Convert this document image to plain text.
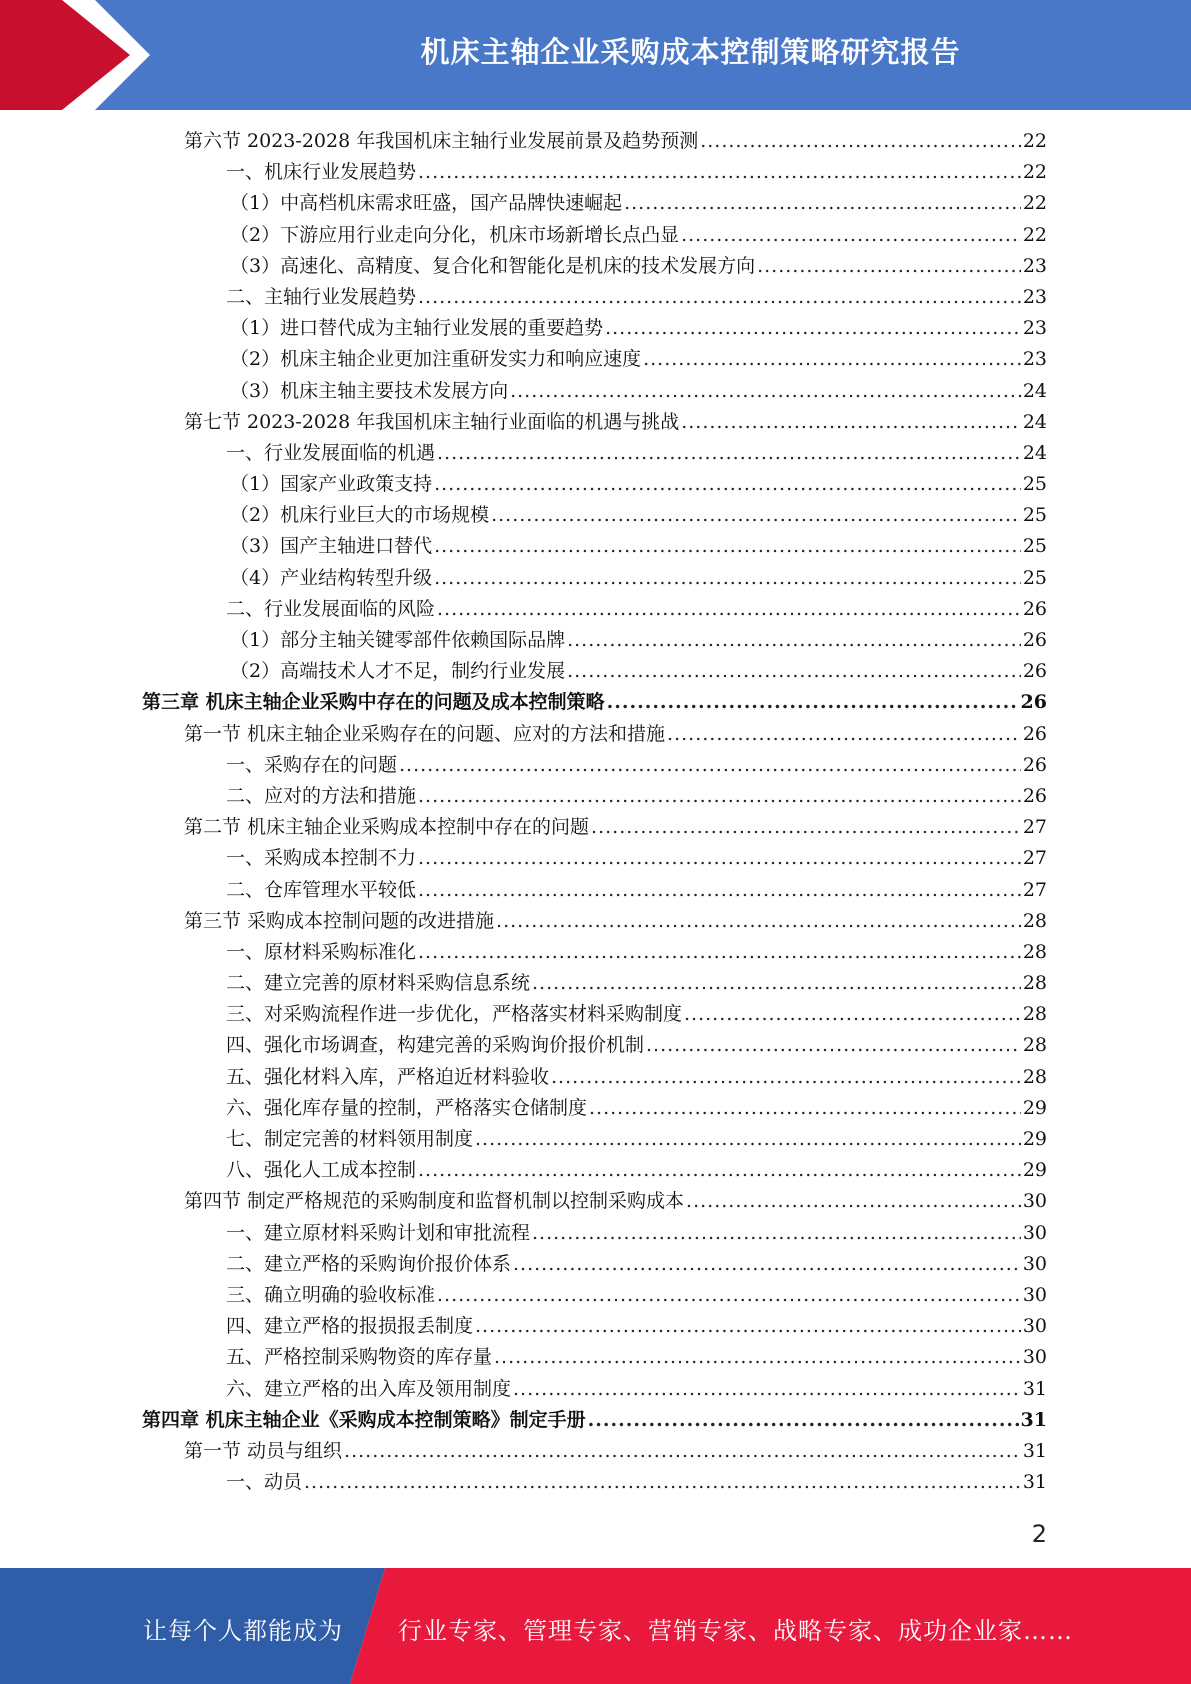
机床主轴企业采购成本控制策略研究报告
第六节 2023-2028 年我国机床主轴行业发展前景及趋势预测 .....	22
一、机床行业发展趋势 .....	22
（1）中高档机床需求旺盛，国产品牌快速崛起 .....	22
（2）下游应用行业走向分化，机床市场新增长点凸显 .....	22
（3）高速化、高精度、复合化和智能化是机床的技术发展方向 .....	23
二、主轴行业发展趋势 .....	23
（1）进口替代成为主轴行业发展的重要趋势 .....	23
（2）机床主轴企业更加注重研发实力和响应速度 .....	23
（3）机床主轴主要技术发展方向 .....	24
第七节 2023-2028 年我国机床主轴行业面临的机遇与挑战 .....	24
一、行业发展面临的机遇 .....	24
（1）国家产业政策支持 .....	25
（2）机床行业巨大的市场规模 .....	25
（3）国产主轴进口替代 .....	25
（4）产业结构转型升级 .....	25
二、行业发展面临的风险 .....	26
（1）部分主轴关键零部件依赖国际品牌 .....	26
（2）高端技术人才不足，制约行业发展 .....	26
第三章 机床主轴企业采购中存在的问题及成本控制策略 .....	26
第一节 机床主轴企业采购存在的问题、应对的方法和措施 .....	26
一、采购存在的问题 .....	26
二、应对的方法和措施 .....	26
第二节 机床主轴企业采购成本控制中存在的问题 .....	27
一、采购成本控制不力 .....	27
二、仓库管理水平较低 .....	27
第三节 采购成本控制问题的改进措施 .....	28
一、原材料采购标准化 .....	28
二、建立完善的原材料采购信息系统 .....	28
三、对采购流程作进一步优化，严格落实材料采购制度 .....	28
四、强化市场调查，构建完善的采购询价报价机制 .....	28
五、强化材料入库，严格迫近材料验收 .....	28
六、强化库存量的控制，严格落实仓储制度 .....	29
七、制定完善的材料领用制度 .....	29
八、强化人工成本控制 .....	29
第四节 制定严格规范的采购制度和监督机制以控制采购成本 .....	30
一、建立原材料采购计划和审批流程 .....	30
二、建立严格的采购询价报价体系 .....	30
三、确立明确的验收标准 .....	30
四、建立严格的报损报丢制度 .....	30
五、严格控制采购物资的库存量 .....	30
六、建立严格的出入库及领用制度 .....	31
第四章 机床主轴企业《采购成本控制策略》制定手册 .....	31
第一节 动员与组织 .....	31
一、动员 .....	31
2
让每个人都能成为 行业专家、管理专家、营销专家、战略专家、成功企业家……
